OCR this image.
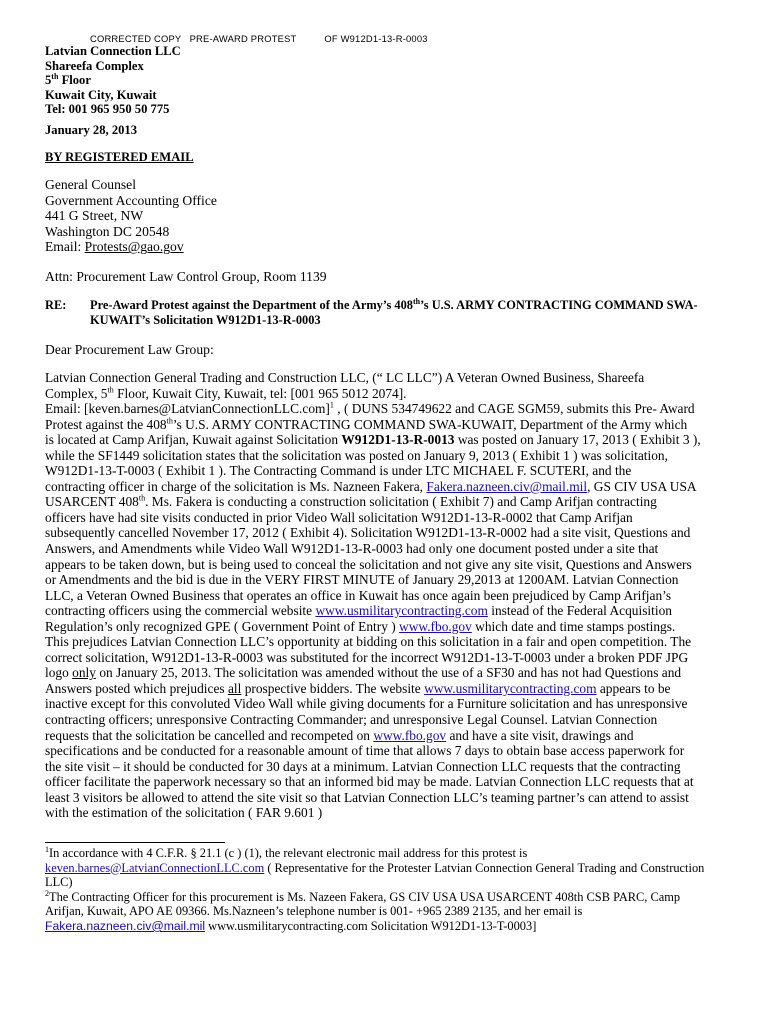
CORRECTED COPY   PRE-AWARD PROTEST          OF W912D1-13-R-0003
Latvian Connection LLC
Shareefa Complex
5th Floor
Kuwait City, Kuwait
Tel: 001 965 950 50 775
January 28, 2013
BY REGISTERED EMAIL
General Counsel
Government Accounting Office
441 G Street, NW
Washington DC 20548
Email: Protests@gao.gov
Attn: Procurement Law Control Group, Room 1139
RE: Pre-Award Protest against the Department of the Army’s 408th’s U.S. ARMY CONTRACTING COMMAND SWA-
KUWAIT’s Solicitation W912D1-13-R-0003
Dear Procurement Law Group:
Latvian Connection General Trading and Construction LLC, (“ LC LLC”) A Veteran Owned Business, Shareefa
Complex, 5th Floor, Kuwait City, Kuwait, tel: [001 965 5012 2074].
Email: [keven.barnes@LatvianConnectionLLC.com]$^1$ , ( DUNS 534749622 and CAGE SGM59, submits this Pre- Award
Protest against the 408th’s U.S. ARMY CONTRACTING COMMAND SWA-KUWAIT, Department of the Army which
is located at Camp Arifjan, Kuwait against Solicitation W912D1-13-R-0013 was posted on January 17, 2013 ( Exhibit 3 ),
while the SF1449 solicitation states that the solicitation was posted on January 9, 2013 ( Exhibit 1 ) was solicitation,
W912D1-13-T-0003 ( Exhibit 1 ). The Contracting Command is under LTC MICHAEL F. SCUTERI, and the
contracting officer in charge of the solicitation is Ms. Nazneen Fakera, Fakera.nazneen.civ@mail.mil, GS CIV USA USA
USARCENT 408th. Ms. Fakera is conducting a construction solicitation ( Exhibit 7) and Camp Arifjan contracting
officers have had site visits conducted in prior Video Wall solicitation W912D1-13-R-0002 that Camp Arifjan
subsequently cancelled November 17, 2012 ( Exhibit 4). Solicitation W912D1-13-R-0002 had a site visit, Questions and
Answers, and Amendments while Video Wall W912D1-13-R-0003 had only one document posted under a site that
appears to be taken down, but is being used to conceal the solicitation and not give any site visit, Questions and Answers
or Amendments and the bid is due in the VERY FIRST MINUTE of January 29,2013 at 1200AM. Latvian Connection
LLC, a Veteran Owned Business that operates an office in Kuwait has once again been prejudiced by Camp Arifjan’s
contracting officers using the commercial website www.usmilitarycontracting.com instead of the Federal Acquisition
Regulation’s only recognized GPE ( Government Point of Entry ) www.fbo.gov which date and time stamps postings.
This prejudices Latvian Connection LLC’s opportunity at bidding on this solicitation in a fair and open competition. The
correct solicitation, W912D1-13-R-0003 was substituted for the incorrect W912D1-13-T-0003 under a broken PDF JPG
logo only on January 25, 2013. The solicitation was amended without the use of a SF30 and has not had Questions and
Answers posted which prejudices all prospective bidders. The website www.usmilitarycontracting.com appears to be
inactive except for this convoluted Video Wall while giving documents for a Furniture solicitation and has unresponsive
contracting officers; unresponsive Contracting Commander; and unresponsive Legal Counsel. Latvian Connection
requests that the solicitation be cancelled and recompeted on www.fbo.gov and have a site visit, drawings and
specifications and be conducted for a reasonable amount of time that allows 7 days to obtain base access paperwork for
the site visit – it should be conducted for 30 days at a minimum. Latvian Connection LLC requests that the contracting
officer facilitate the paperwork necessary so that an informed bid may be made. Latvian Connection LLC requests that at
least 3 visitors be allowed to attend the site visit so that Latvian Connection LLC’s teaming partner’s can attend to assist
with the estimation of the solicitation ( FAR 9.601 )
$^1$In accordance with 4 C.F.R. § 21.1 (c ) (1), the relevant electronic mail address for this protest is
keven.barnes@LatvianConnectionLLC.com ( Representative for the Protester Latvian Connection General Trading and Construction
LLC)
$^2$The Contracting Officer for this procurement is Ms. Nazeen Fakera, GS CIV USA USA USARCENT 408th CSB PARC, Camp
Arifjan, Kuwait, APO AE 09366. Ms.Nazneen’s telephone number is 001- +965 2389 2135, and her email is
Fakera.nazneen.civ@mail.mil www.usmilitarycontracting.com Solicitation W912D1-13-T-0003]
